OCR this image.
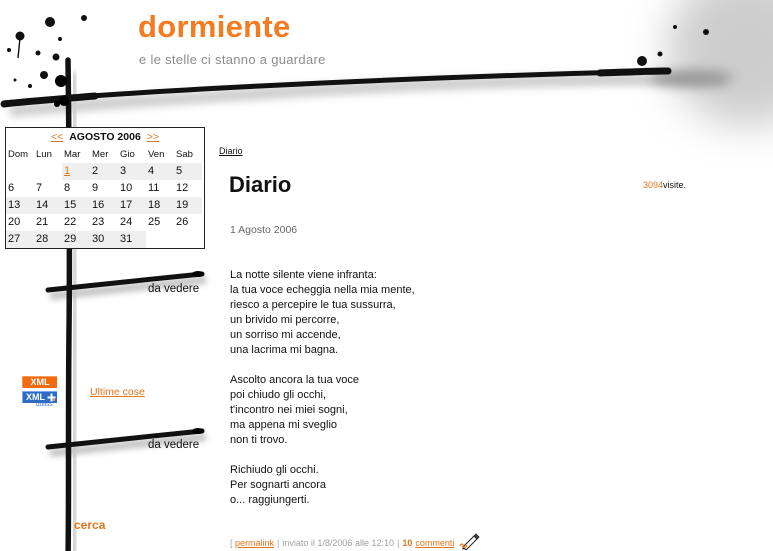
dormiente
e le stelle ci stanno a guardare
<< AGOSTO 2006 >>
Dom	Lun	Mar	Mer	Gio	Ven	Sab
		1	2	3	4	5
6	7	8	9	10	11	12
13	14	15	16	17	18	19
20	21	22	23	24	25	26
27	28	29	30	31		
da vedere
da vedere
XML
XML
doliss
Ultime cose
cerca
Diario
Diario	3094visite.
1 Agosto 2006
La notte silente viene infranta:
la tua voce echeggia nella mia mente,
riesco a percepire le tua sussurra,
un brivido mi percorre,
un sorriso mi accende,
una lacrima mi bagna.
Ascolto ancora la tua voce
poi chiudo gli occhi,
t'incontro nei miei sogni,
ma appena mi sveglio
non ti trovo.
Richiudo gli occhi.
Per sognarti ancora
o... raggiungerti.
[ permalink | inviato il 1/8/2006 alle 12:10 | 10 commenti
